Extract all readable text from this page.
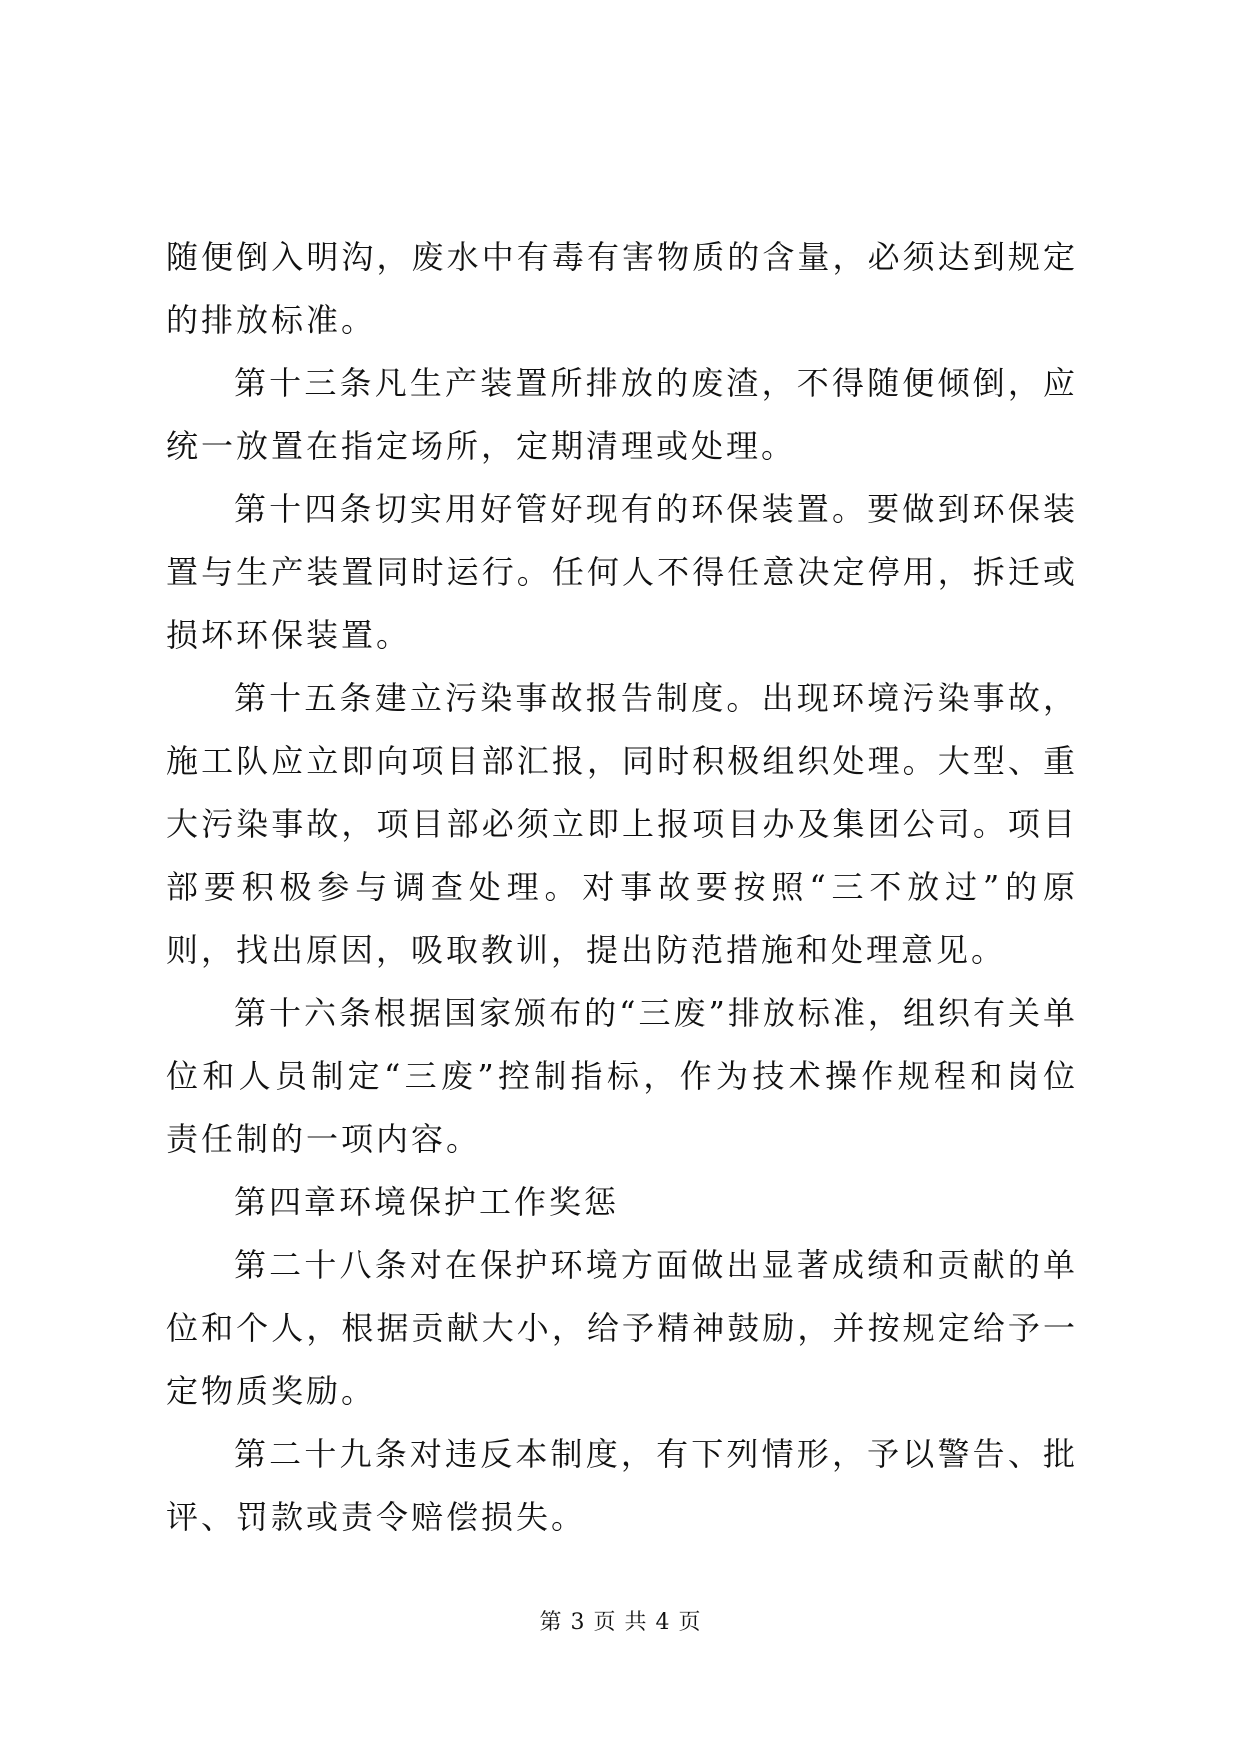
随便倒入明沟，废水中有毒有害物质的含量，必须达到规定的排放标准。

第十三条凡生产装置所排放的废渣，不得随便倾倒，应统一放置在指定场所，定期清理或处理。

第十四条切实用好管好现有的环保装置。要做到环保装置与生产装置同时运行。任何人不得任意决定停用，拆迁或损坏环保装置。

第十五条建立污染事故报告制度。出现环境污染事故，施工队应立即向项目部汇报，同时积极组织处理。大型、重大污染事故，项目部必须立即上报项目办及集团公司。项目部要积极参与调查处理。对事故要按照“三不放过”的原则，找出原因，吸取教训，提出防范措施和处理意见。

第十六条根据国家颁布的“三废”排放标准，组织有关单位和人员制定“三废”控制指标，作为技术操作规程和岗位责任制的一项内容。

第四章环境保护工作奖惩

第二十八条对在保护环境方面做出显著成绩和贡献的单位和个人，根据贡献大小，给予精神鼓励，并按规定给予一定物质奖励。

第二十九条对违反本制度，有下列情形，予以警告、批评、罚款或责令赔偿损失。

第 3 页 共 4 页
